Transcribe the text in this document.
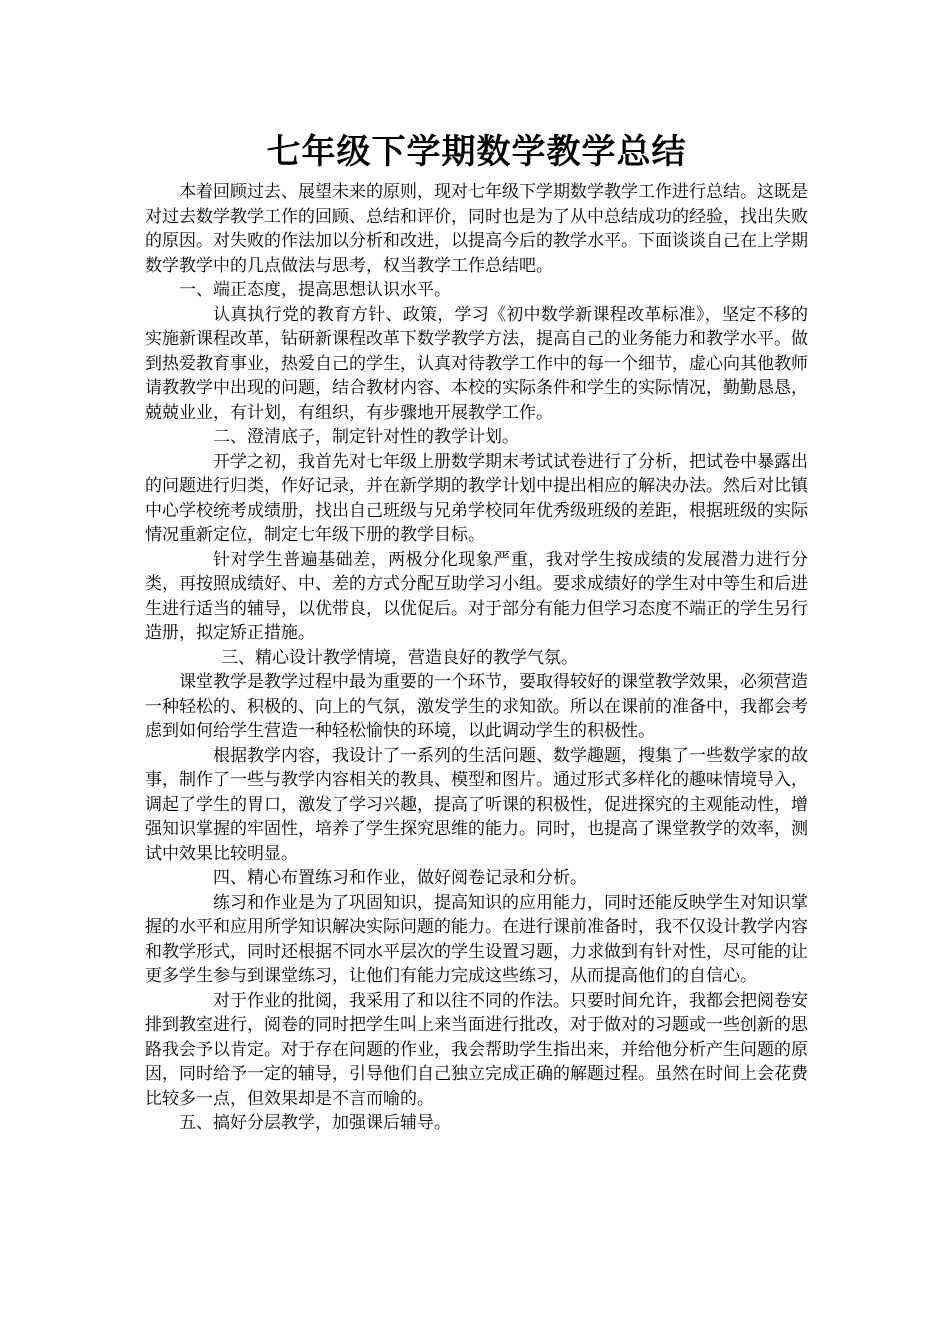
七年级下学期数学教学总结

本着回顾过去、展望未来的原则，现对七年级下学期数学教学工作进行总结。这既是对过去数学教学工作的回顾、总结和评价，同时也是为了从中总结成功的经验，找出失败的原因。对失败的作法加以分析和改进，以提高今后的教学水平。下面谈谈自己在上学期数学教学中的几点做法与思考，权当教学工作总结吧。

一、端正态度，提高思想认识水平。

认真执行党的教育方针、政策，学习《初中数学新课程改革标准》，坚定不移的实施新课程改革，钻研新课程改革下数学教学方法，提高自己的业务能力和教学水平。做到热爱教育事业，热爱自己的学生，认真对待教学工作中的每一个细节，虚心向其他教师请教教学中出现的问题，结合教材内容、本校的实际条件和学生的实际情况，勤勤恳恳，兢兢业业，有计划，有组织，有步骤地开展教学工作。

二、澄清底子，制定针对性的教学计划。

开学之初，我首先对七年级上册数学期末考试试卷进行了分析，把试卷中暴露出的问题进行归类，作好记录，并在新学期的教学计划中提出相应的解决办法。然后对比镇中心学校统考成绩册，找出自己班级与兄弟学校同年优秀级班级的差距，根据班级的实际情况重新定位，制定七年级下册的教学目标。

针对学生普遍基础差，两极分化现象严重，我对学生按成绩的发展潜力进行分类，再按照成绩好、中、差的方式分配互助学习小组。要求成绩好的学生对中等生和后进生进行适当的辅导，以优带良，以优促后。对于部分有能力但学习态度不端正的学生另行造册，拟定矫正措施。

三、精心设计教学情境，营造良好的教学气氛。

课堂教学是教学过程中最为重要的一个环节，要取得较好的课堂教学效果，必须营造一种轻松的、积极的、向上的气氛，激发学生的求知欲。所以在课前的准备中，我都会考虑到如何给学生营造一种轻松愉快的环境，以此调动学生的积极性。

根据教学内容，我设计了一系列的生活问题、数学趣题，搜集了一些数学家的故事，制作了一些与教学内容相关的教具、模型和图片。通过形式多样化的趣味情境导入，调起了学生的胃口，激发了学习兴趣，提高了听课的积极性，促进探究的主观能动性，增强知识掌握的牢固性，培养了学生探究思维的能力。同时，也提高了课堂教学的效率，测试中效果比较明显。

四、精心布置练习和作业，做好阅卷记录和分析。

练习和作业是为了巩固知识，提高知识的应用能力，同时还能反映学生对知识掌握的水平和应用所学知识解决实际问题的能力。在进行课前准备时，我不仅设计教学内容和教学形式，同时还根据不同水平层次的学生设置习题，力求做到有针对性，尽可能的让更多学生参与到课堂练习，让他们有能力完成这些练习，从而提高他们的自信心。

对于作业的批阅，我采用了和以往不同的作法。只要时间允许，我都会把阅卷安排到教室进行，阅卷的同时把学生叫上来当面进行批改，对于做对的习题或一些创新的思路我会予以肯定。对于存在问题的作业，我会帮助学生指出来，并给他分析产生问题的原因，同时给予一定的辅导，引导他们自己独立完成正确的解题过程。虽然在时间上会花费比较多一点，但效果却是不言而喻的。

五、搞好分层教学，加强课后辅导。
